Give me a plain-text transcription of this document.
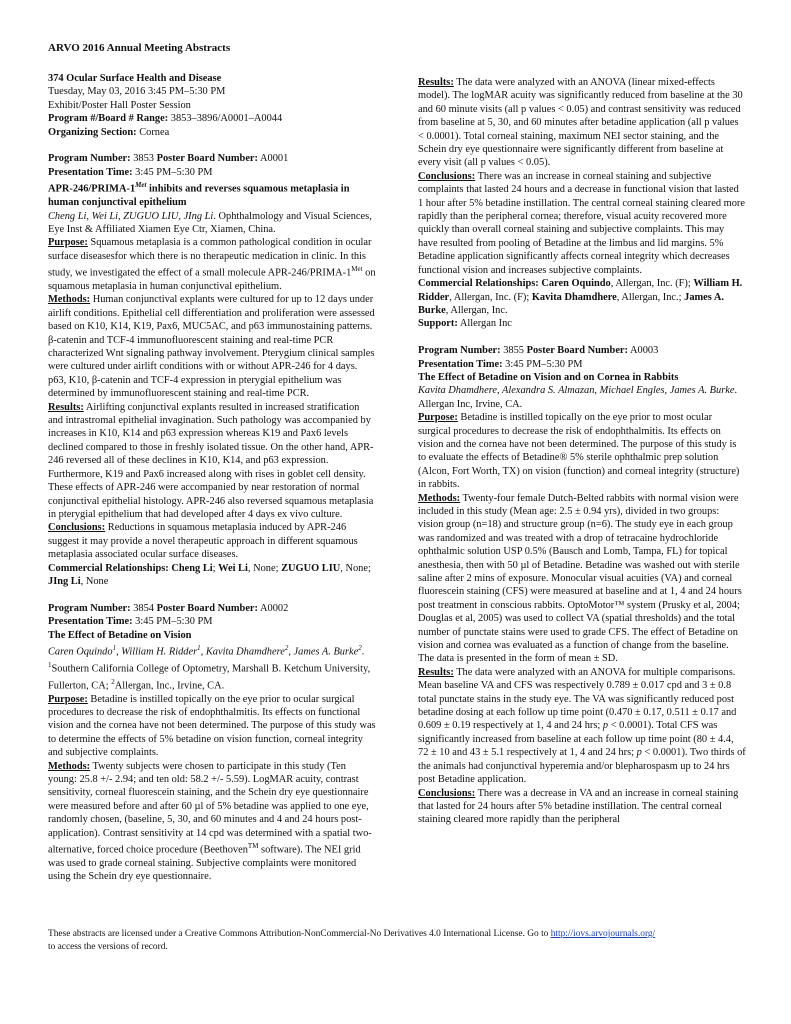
ARVO 2016 Annual Meeting Abstracts

374 Ocular Surface Health and Disease

Tuesday, May 03, 2016 3:45 PM–5:30 PM

Exhibit/Poster Hall Poster Session

Program #/Board # Range: 3853–3896/A0001–A0044

Organizing Section: Cornea

Program Number: 3853 Poster Board Number: A0001

Presentation Time: 3:45 PM–5:30 PM

APR-$246/PRIMA-1^{Met}$ inhibits and reverses squamous metaplasia in human conjunctival epithelium

Cheng Li, Wei Li, ZUGUO LIU, JIng Li. Ophthalmology and Visual Sciences, Eye Inst & Affiliated Xiamen Eye Ctr, Xiamen, China.

Purpose: Squamous metaplasia is a common pathological condition in ocular surface diseasesfor which there is no therapeutic medication in clinic. In this study, we investigated the effect of a small molecule APR-$246/PRIMA-1^{Met}$ on squamous metaplasia in human conjunctival epithelium.

Methods: Human conjunctival explants were cultured for up to 12 days under airlift conditions. Epithelial cell differentiation and proliferation were assessed based on K10, K14, K19, Pax6, MUC5AC, and p63 immunostaining patterns. β-catenin and TCF-4 immunofluorescent staining and real-time PCR characterized Wnt signaling pathway involvement. Pterygium clinical samples were cultured under airlift conditions with or without APR-246 for 4 days. p63, K10, β-catenin and TCF-4 expression in pterygial epithelium was determined by immunofluorescent staining and real-time PCR.

Results: Airlifting conjunctival explants resulted in increased stratification and intrastromal epithelial invagination. Such pathology was accompanied by increases in K10, K14 and p63 expression whereas K19 and Pax6 levels declined compared to those in freshly isolated tissue. On the other hand, APR-246 reversed all of these declines in K10, K14, and p63 expression. Furthermore, K19 and Pax6 increased along with rises in goblet cell density. These effects of APR-246 were accompanied by near restoration of normal conjunctival epithelial histology. APR-246 also reversed squamous metaplasia in pterygial epithelium that had developed after 4 days ex vivo culture.

Conclusions: Reductions in squamous metaplasia induced by APR-246 suggest it may provide a novel therapeutic approach in different squamous metaplasia associated ocular surface diseases.

Commercial Relationships: Cheng Li; Wei Li, None; ZUGUO LIU, None; JIng Li, None

Program Number: 3854 Poster Board Number: A0002

Presentation Time: 3:45 PM–5:30 PM

The Effect of Betadine on Vision

Caren Oquindo$^1$, William H. Ridder$^1$, Kavita Dhamdhere$^2$, James A. Burke$^2$. $^1$Southern California College of Optometry, Marshall B. Ketchum University, Fullerton, CA; $^2$Allergan, Inc., Irvine, CA.

Purpose: Betadine is instilled topically on the eye prior to ocular surgical procedures to decrease the risk of endophthalmitis. Its effects on functional vision and the cornea have not been determined. The purpose of this study was to determine the effects of 5% betadine on vision function, corneal integrity and subjective complaints.

Methods: Twenty subjects were chosen to participate in this study (Ten young: 25.8 +/- 2.94; and ten old: 58.2 +/- 5.59). LogMAR acuity, contrast sensitivity, corneal fluorescein staining, and the Schein dry eye questionnaire were measured before and after 60 µl of 5% betadine was applied to one eye, randomly chosen, (baseline, 5, 30, and 60 minutes and 4 and 24 hours post-application). Contrast sensitivity at 14 cpd was determined with a spatial two-alternative, forced choice procedure (Beethoven™ software). The NEI grid was used to grade corneal staining. Subjective complaints were monitored using the Schein dry eye questionnaire.

Results: The data were analyzed with an ANOVA (linear mixed-effects model). The logMAR acuity was significantly reduced from baseline at the 30 and 60 minute visits (all p values < 0.05) and contrast sensitivity was reduced from baseline at 5, 30, and 60 minutes after betadine application (all p values < 0.0001). Total corneal staining, maximum NEI sector staining, and the Schein dry eye questionnaire were significantly different from baseline at every visit (all p values < 0.05).

Conclusions: There was an increase in corneal staining and subjective complaints that lasted 24 hours and a decrease in functional vision that lasted 1 hour after 5% betadine instillation. The central corneal staining cleared more rapidly than the peripheral cornea; therefore, visual acuity recovered more quickly than overall corneal staining and subjective complaints. This may have resulted from pooling of Betadine at the limbus and lid margins. 5% Betadine application significantly affects corneal integrity which decreases functional vision and increases subjective complaints.

Commercial Relationships: Caren Oquindo, Allergan, Inc. (F); William H. Ridder, Allergan, Inc. (F); Kavita Dhamdhere, Allergan, Inc.; James A. Burke, Allergan, Inc.

Support: Allergan Inc

Program Number: 3855 Poster Board Number: A0003

Presentation Time: 3:45 PM–5:30 PM

The Effect of Betadine on Vision and on Cornea in Rabbits

Kavita Dhamdhere, Alexandra S. Almazan, Michael Engles, James A. Burke. Allergan Inc, Irvine, CA.

Purpose: Betadine is instilled topically on the eye prior to most ocular surgical procedures to decrease the risk of endophthalmitis. Its effects on vision and the cornea have not been determined. The purpose of this study is to evaluate the effects of Betadine® 5% sterile ophthalmic prep solution (Alcon, Fort Worth, TX) on vision (function) and corneal integrity (structure) in rabbits.

Methods: Twenty-four female Dutch-Belted rabbits with normal vision were included in this study (Mean age: 2.5 ± 0.94 yrs), divided in two groups: vision group (n=18) and structure group (n=6). The study eye in each group was randomized and was treated with a drop of tetracaine hydrochloride ophthalmic solution USP 0.5% (Bausch and Lomb, Tampa, FL) for topical anesthesia, then with 50 µl of Betadine. Betadine was washed out with sterile saline after 2 mins of exposure. Monocular visual acuities (VA) and corneal fluorescein staining (CFS) were measured at baseline and at 1, 4 and 24 hours post treatment in conscious rabbits. OptoMotor™ system (Prusky et al, 2004; Douglas et al, 2005) was used to collect VA (spatial thresholds) and the total number of punctate stains were used to grade CFS. The effect of Betadine on vision and cornea was evaluated as a function of change from the baseline. The data is presented in the form of mean ± SD.

Results: The data were analyzed with an ANOVA for multiple comparisons. Mean baseline VA and CFS was respectively 0.789 ± 0.017 cpd and 3 ± 0.8 total punctate stains in the study eye. The VA was significantly reduced post betadine dosing at each follow up time point (0.470 ± 0.17, 0.511 ± 0.17 and 0.609 ± 0.19 respectively at 1, 4 and 24 hrs; p < 0.0001). Total CFS was significantly increased from baseline at each follow up time point (80 ± 4.4, 72 ± 10 and 43 ± 5.1 respectively at 1, 4 and 24 hrs; p < 0.0001). Two thirds of the animals had conjunctival hyperemia and/or blepharospasm up to 24 hrs post Betadine application.

Conclusions: There was a decrease in VA and an increase in corneal staining that lasted for 24 hours after 5% betadine instillation. The central corneal staining cleared more rapidly than the peripheral

These abstracts are licensed under a Creative Commons Attribution-NonCommercial-No Derivatives 4.0 International License. Go to http://iovs.arvojournals.org/
to access the versions of record.
